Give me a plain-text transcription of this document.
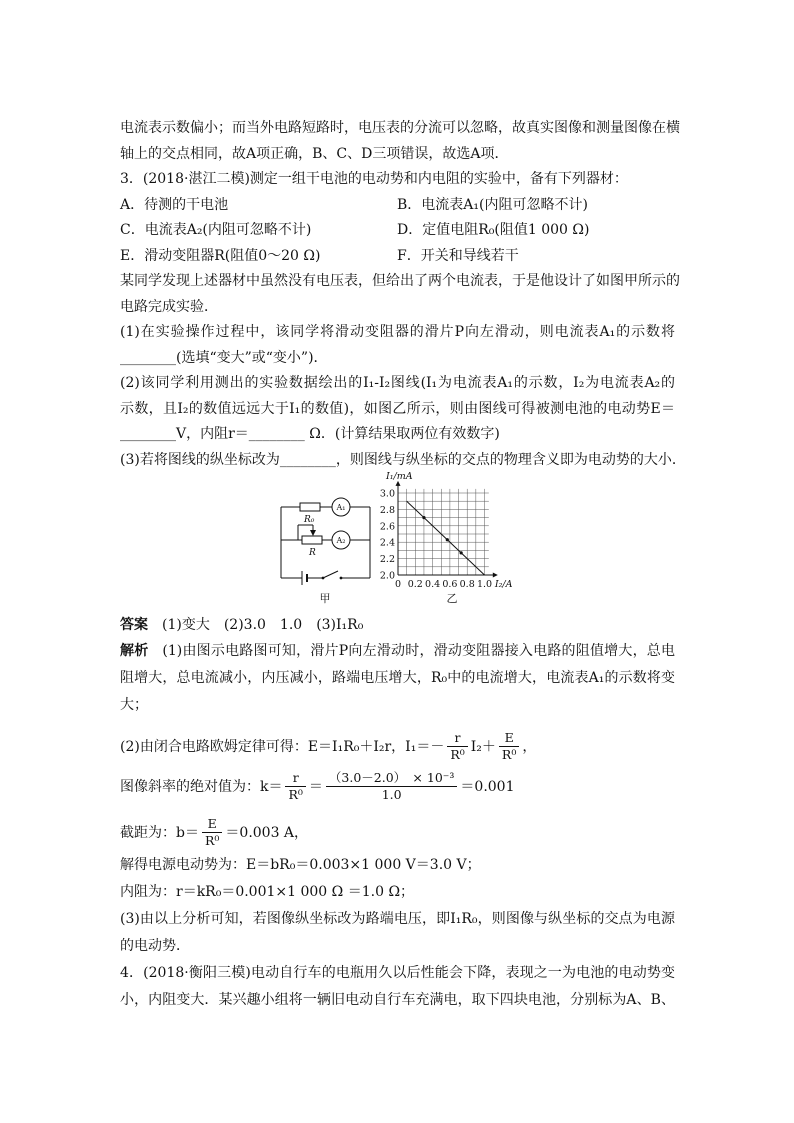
电流表示数偏小；而当外电路短路时，电压表的分流可以忽略，故真实图像和测量图像在横
轴上的交点相同，故A项正确，B、C、D三项错误，故选A项．
3．(2018·湛江二模)测定一组干电池的电动势和内电阻的实验中，备有下列器材：
A．待测的干电池	B．电流表A₁(内阻可忽略不计)
C．电流表A₂(内阻可忽略不计)	D．定值电阻R₀(阻值1 000 Ω)
E．滑动变阻器R(阻值0～20 Ω)	F．开关和导线若干
某同学发现上述器材中虽然没有电压表，但给出了两个电流表，于是他设计了如图甲所示的
电路完成实验．
(1)在实验操作过程中，该同学将滑动变阻器的滑片P向左滑动，则电流表A₁的示数将
________(选填“变大”或“变小”)．
(2)该同学利用测出的实验数据绘出的I₁-I₂图线(I₁为电流表A₁的示数，I₂为电流表A₂的
示数，且I₂的数值远远大于I₁的数值)，如图乙所示，则由图线可得被测电池的电动势E＝
________V，内阻r＝________ Ω．(计算结果取两位有效数字)
(3)若将图线的纵坐标改为________，则图线与纵坐标的交点的物理含义即为电动势的大小．
A₁
R₀
A₂
R
甲
3.0
2.8
2.6
2.4
2.2
2.0
0 0.2 0.4 0.6 0.8 1.0
I₁/mA
I₂/A
乙
答案 (1)变大　(2)3.0　1.0　(3)I₁R₀
解析 (1)由图示电路图可知，滑片P向左滑动时，滑动变阻器接入电路的阻值增大，总电
阻增大，总电流减小，内压减小，路端电压增大，R₀中的电流增大，电流表A₁的示数将变
大；
(2)由闭合电路欧姆定律可得：E＝I₁R₀＋I₂r，$I_1=- \frac{r}{\text{R⁰}} I_2+ \frac{E}{\text{R⁰}}$ ，
图像斜率的绝对值为：$k= \frac{r}{\text{R⁰}} = \frac{\text{（3.0－2.0）　× 10⁻³}}{1.0} =0.001$
截距为：$b= \frac{E}{\text{R⁰}} =0.003$ A，
解得电源电动势为：E＝bR₀＝0.003×1 000 V＝3.0 V；
内阻为：r＝kR₀＝0.001×1 000 Ω ＝1.0 Ω；
(3)由以上分析可知，若图像纵坐标改为路端电压，即I₁R₀，则图像与纵坐标的交点为电源
的电动势．
4．(2018·衡阳三模)电动自行车的电瓶用久以后性能会下降，表现之一为电池的电动势变
小，内阻变大．某兴趣小组将一辆旧电动自行车充满电，取下四块电池，分别标为A、B、
